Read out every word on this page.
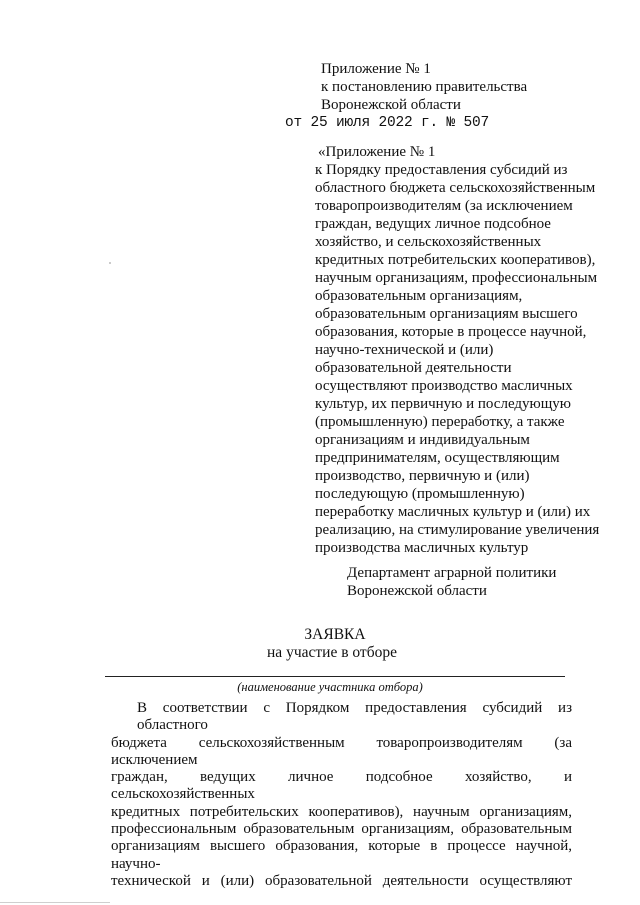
Приложение № 1
к постановлению правительства
Воронежской области
от 25 июля 2022 г. № 507
«Приложение № 1
к Порядку предоставления субсидий из
областного бюджета сельскохозяйственным
товаропроизводителям (за исключением
граждан, ведущих личное подсобное
хозяйство, и сельскохозяйственных
кредитных потребительских кооперативов),
научным организациям, профессиональным
образовательным организациям,
образовательным организациям высшего
образования, которые в процессе научной,
научно-технической и (или)
образовательной деятельности
осуществляют производство масличных
культур, их первичную и последующую
(промышленную) переработку, а также
организациям и индивидуальным
предпринимателям, осуществляющим
производство, первичную и (или)
последующую (промышленную)
переработку масличных культур и (или) их
реализацию, на стимулирование увеличения
производства масличных культур
Департамент аграрной политики
Воронежской области
ЗАЯВКА
на участие в отборе
(наименование участника отбора)
В соответствии с Порядком предоставления субсидий из областного
бюджета сельскохозяйственным товаропроизводителям (за исключением
граждан, ведущих личное подсобное хозяйство, и сельскохозяйственных
кредитных потребительских кооперативов), научным организациям,
профессиональным образовательным организациям, образовательным
организациям высшего образования, которые в процессе научной, научно-
технической и (или) образовательной деятельности осуществляют
